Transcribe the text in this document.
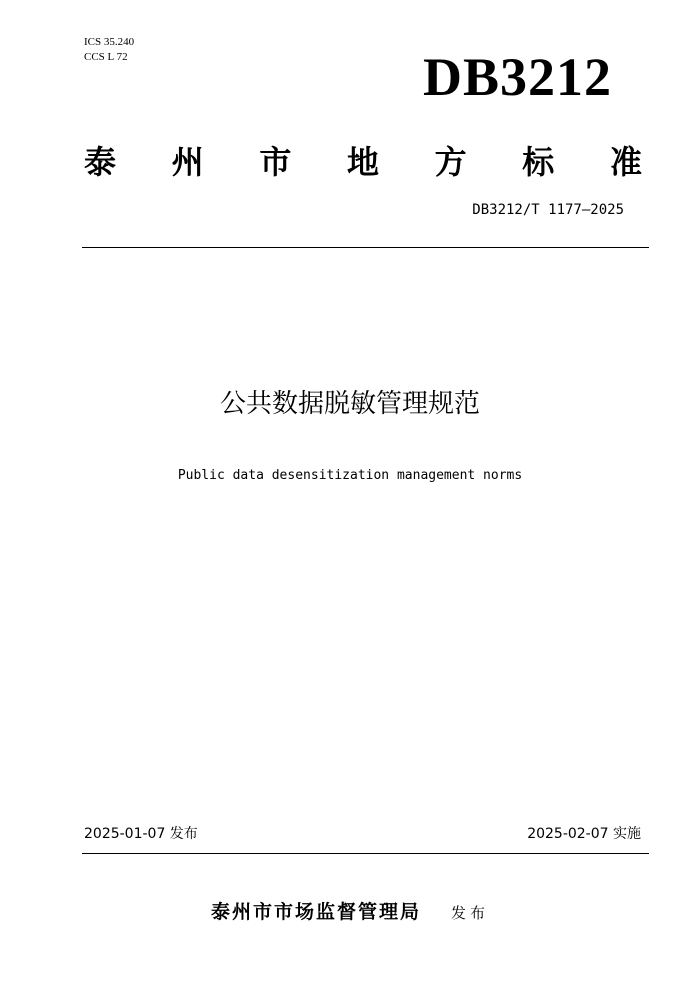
ICS 35.240
CCS L 72	DB3212
泰 州 市 地 方 标 准
DB3212/T 1177—2025
公共数据脱敏管理规范
Public data desensitization management norms
2025-01-07 发布	2025-02-07 实施
泰州市市场监督管理局 发布
